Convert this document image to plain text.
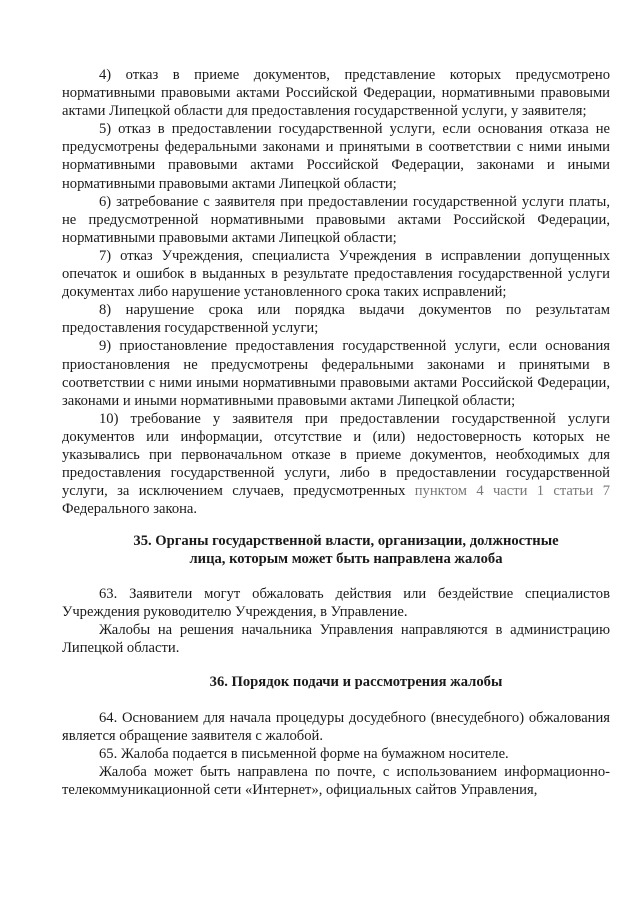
4) отказ в приеме документов, представление которых предусмотрено нормативными правовыми актами Российской Федерации, нормативными правовыми актами Липецкой области для предоставления государственной услуги, у заявителя;

5) отказ в предоставлении государственной услуги, если основания отказа не предусмотрены федеральными законами и принятыми в соответствии с ними иными нормативными правовыми актами Российской Федерации, законами и иными нормативными правовыми актами Липецкой области;

6) затребование с заявителя при предоставлении государственной услуги платы, не предусмотренной нормативными правовыми актами Российской Федерации, нормативными правовыми актами Липецкой области;

7) отказ Учреждения, специалиста Учреждения в исправлении допущенных опечаток и ошибок в выданных в результате предоставления государственной услуги документах либо нарушение установленного срока таких исправлений;

8) нарушение срока или порядка выдачи документов по результатам предоставления государственной услуги;

9) приостановление предоставления государственной услуги, если основания приостановления не предусмотрены федеральными законами и принятыми в соответствии с ними иными нормативными правовыми актами Российской Федерации, законами и иными нормативными правовыми актами Липецкой области;

10) требование у заявителя при предоставлении государственной услуги документов или информации, отсутствие и (или) недостоверность которых не указывались при первоначальном отказе в приеме документов, необходимых для предоставления государственной услуги, либо в предоставлении государственной услуги, за исключением случаев, предусмотренных пунктом 4 части 1 статьи 7 Федерального закона.

35. Органы государственной власти, организации, должностные
лица, которым может быть направлена жалоба

63. Заявители могут обжаловать действия или бездействие специалистов Учреждения руководителю Учреждения, в Управление.

Жалобы на решения начальника Управления направляются в администрацию Липецкой области.

36. Порядок подачи и рассмотрения жалобы

64. Основанием для начала процедуры досудебного (внесудебного) обжалования является обращение заявителя с жалобой.

65. Жалоба подается в письменной форме на бумажном носителе.

Жалоба может быть направлена по почте, с использованием информационно-телекоммуникационной сети «Интернет», официальных сайтов Управления,
